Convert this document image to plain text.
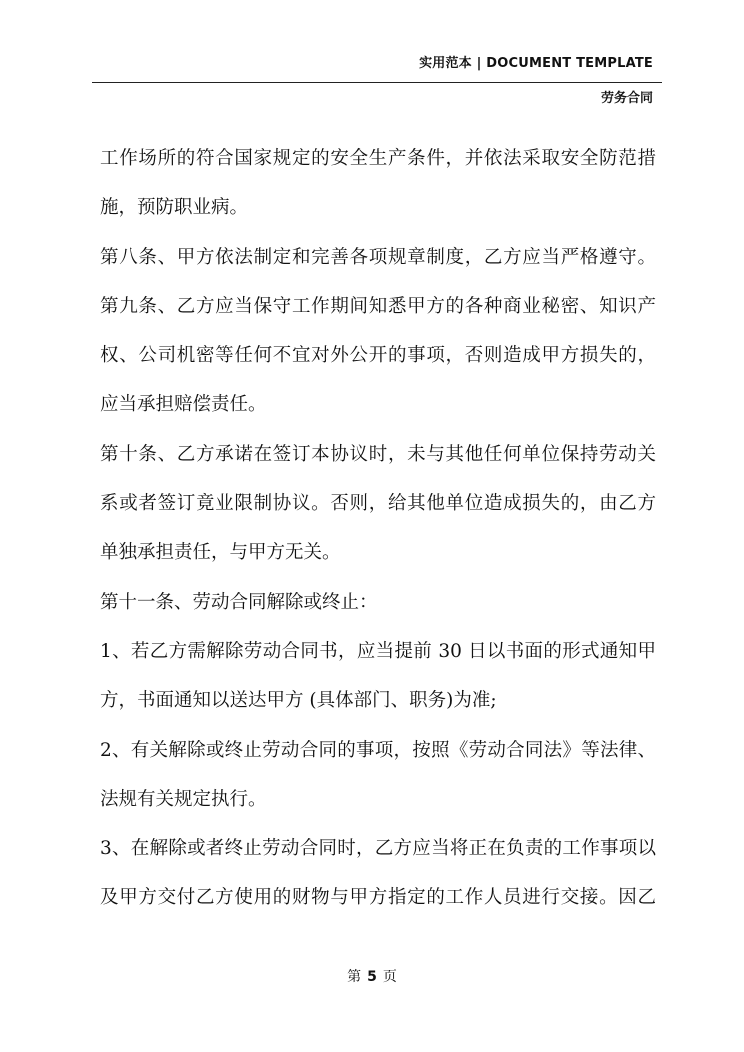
实用范本 | DOCUMENT TEMPLATE
劳务合同
工作场所的符合国家规定的安全生产条件，并依法采取安全防范措
施，预防职业病。
第八条、甲方依法制定和完善各项规章制度，乙方应当严格遵守。
第九条、乙方应当保守工作期间知悉甲方的各种商业秘密、知识产
权、公司机密等任何不宜对外公开的事项，否则造成甲方损失的，
应当承担赔偿责任。
第十条、乙方承诺在签订本协议时，未与其他任何单位保持劳动关
系或者签订竟业限制协议。否则，给其他单位造成损失的，由乙方
单独承担责任，与甲方无关。
第十一条、劳动合同解除或终止：
1、若乙方需解除劳动合同书，应当提前 30 日以书面的形式通知甲
方，书面通知以送达甲方 (具体部门、职务)为准;
2、有关解除或终止劳动合同的事项，按照《劳动合同法》等法律、
法规有关规定执行。
3、在解除或者终止劳动合同时，乙方应当将正在负责的工作事项以
及甲方交付乙方使用的财物与甲方指定的工作人员进行交接。因乙
第 5 页
